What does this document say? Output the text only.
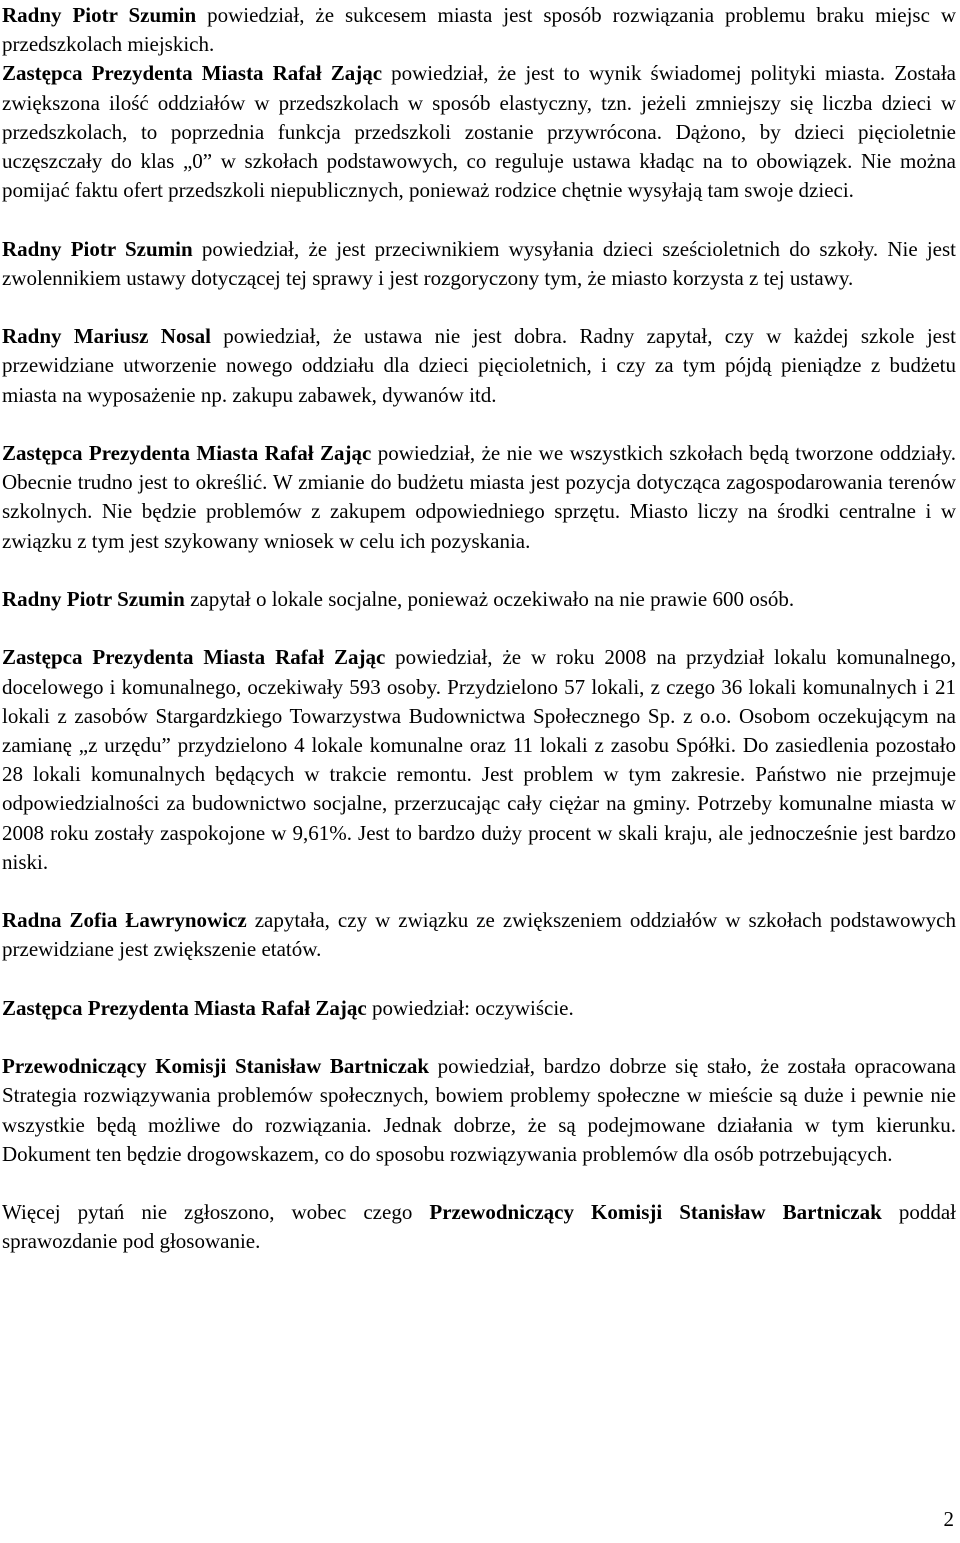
Radny Piotr Szumin powiedział, że sukcesem miasta jest sposób rozwiązania problemu braku miejsc w przedszkolach miejskich.

Zastępca Prezydenta Miasta Rafał Zając powiedział, że jest to wynik świadomej polityki miasta. Została zwiększona ilość oddziałów w przedszkolach w sposób elastyczny, tzn. jeżeli zmniejszy się liczba dzieci w przedszkolach, to poprzednia funkcja przedszkoli zostanie przywrócona. Dążono, by dzieci pięcioletnie uczęszczały do klas „0” w szkołach podstawowych, co reguluje ustawa kładąc na to obowiązek. Nie można pomijać faktu ofert przedszkoli niepublicznych, ponieważ rodzice chętnie wysyłają tam swoje dzieci.

Radny Piotr Szumin powiedział, że jest przeciwnikiem wysyłania dzieci sześcioletnich do szkoły. Nie jest zwolennikiem ustawy dotyczącej tej sprawy i jest rozgoryczony tym, że miasto korzysta z tej ustawy.

Radny Mariusz Nosal powiedział, że ustawa nie jest dobra. Radny zapytał, czy w każdej szkole jest przewidziane utworzenie nowego oddziału dla dzieci pięcioletnich, i czy za tym pójdą pieniądze z budżetu miasta na wyposażenie np. zakupu zabawek, dywanów itd.

Zastępca Prezydenta Miasta Rafał Zając powiedział, że nie we wszystkich szkołach będą tworzone oddziały. Obecnie trudno jest to określić. W zmianie do budżetu miasta jest pozycja dotycząca zagospodarowania terenów szkolnych. Nie będzie problemów z zakupem odpowiedniego sprzętu. Miasto liczy na środki centralne i w związku z tym jest szykowany wniosek w celu ich pozyskania.

Radny Piotr Szumin zapytał o lokale socjalne, ponieważ oczekiwało na nie prawie 600 osób.

Zastępca Prezydenta Miasta Rafał Zając powiedział, że w roku 2008 na przydział lokalu komunalnego, docelowego i komunalnego, oczekiwały 593 osoby. Przydzielono 57 lokali, z czego 36 lokali komunalnych i 21 lokali z zasobów Stargardzkiego Towarzystwa Budownictwa Społecznego Sp. z o.o. Osobom oczekującym na zamianę „z urzędu” przydzielono 4 lokale komunalne oraz 11 lokali z zasobu Spółki. Do zasiedlenia pozostało 28 lokali komunalnych będących w trakcie remontu. Jest problem w tym zakresie. Państwo nie przejmuje odpowiedzialności za budownictwo socjalne, przerzucając cały ciężar na gminy. Potrzeby komunalne miasta w 2008 roku zostały zaspokojone w 9,61%. Jest to bardzo duży procent w skali kraju, ale jednocześnie jest bardzo niski.

Radna Zofia Ławrynowicz zapytała, czy w związku ze zwiększeniem oddziałów w szkołach podstawowych przewidziane jest zwiększenie etatów.

Zastępca Prezydenta Miasta Rafał Zając powiedział: oczywiście.

Przewodniczący Komisji Stanisław Bartniczak powiedział, bardzo dobrze się stało, że została opracowana Strategia rozwiązywania problemów społecznych, bowiem problemy społeczne w mieście są duże i pewnie nie wszystkie będą możliwe do rozwiązania. Jednak dobrze, że są podejmowane działania w tym kierunku. Dokument ten będzie drogowskazem, co do sposobu rozwiązywania problemów dla osób potrzebujących.

Więcej pytań nie zgłoszono, wobec czego Przewodniczący Komisji Stanisław Bartniczak poddał sprawozdanie pod głosowanie.

2
